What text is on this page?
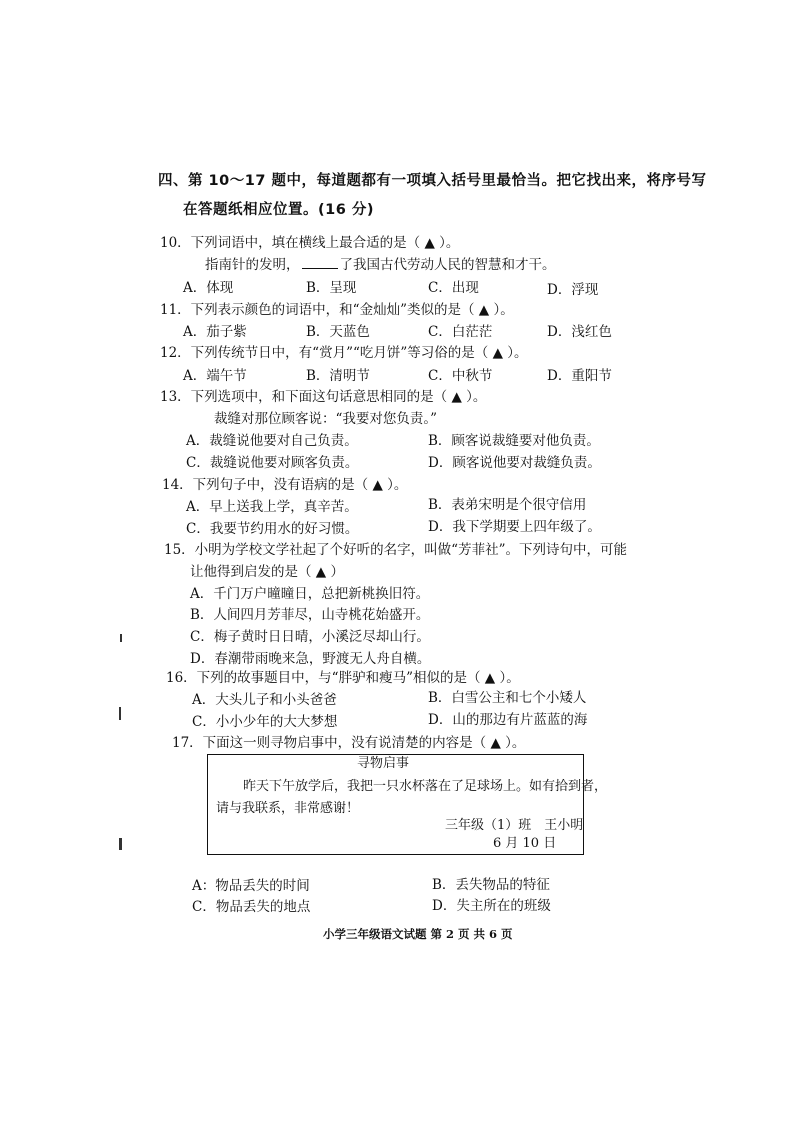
四、第 10～17 题中，每道题都有一项填入括号里最恰当。把它找出来，将序号写
在答题纸相应位置。(16 分)
10．下列词语中，填在横线上最合适的是（ ▲ ）。
指南针的发明，	了我国古代劳动人民的智慧和才干。
A．体现	B．呈现	C．出现	D．浮现
11．下列表示颜色的词语中，和“金灿灿”类似的是（ ▲ ）。
A．茄子紫	B．天蓝色	C．白茫茫	D．浅红色
12．下列传统节日中，有“赏月”“吃月饼”等习俗的是（ ▲ ）。
A．端午节	B．清明节	C．中秋节	D．重阳节
13．下列选项中，和下面这句话意思相同的是（ ▲ ）。
裁缝对那位顾客说：“我要对您负责。”
A．裁缝说他要对自己负责。	B．顾客说裁缝要对他负责。
C．裁缝说他要对顾客负责。	D．顾客说他要对裁缝负责。
14．下列句子中，没有语病的是（ ▲ ）。
A．早上送我上学，真辛苦。	B．表弟宋明是个很守信用
C．我要节约用水的好习惯。	D．我下学期要上四年级了。
15．小明为学校文学社起了个好听的名字，叫做“芳菲社”。下列诗句中，可能
让他得到启发的是（ ▲ ）
A．千门万户曈曈日，总把新桃换旧符。
B．人间四月芳菲尽，山寺桃花始盛开。
C．梅子黄时日日晴，小溪泛尽却山行。
D．春潮带雨晚来急，野渡无人舟自横。
16．下列的故事题目中，与“胖驴和瘦马”相似的是（ ▲ ）。
A．大头儿子和小头爸爸	B．白雪公主和七个小矮人
C．小小少年的大大梦想	D．山的那边有片蓝蓝的海
17．下面这一则寻物启事中，没有说清楚的内容是（ ▲ ）。
寻物启事
昨天下午放学后，我把一只水杯落在了足球场上。如有拾到者，
请与我联系，非常感谢！
三年级（1）班　王小明
6 月 10 日
A：物品丢失的时间	B．丢失物品的特征
C．物品丢失的地点	D．失主所在的班级
小学三年级语文试题 第 2 页 共 6 页
